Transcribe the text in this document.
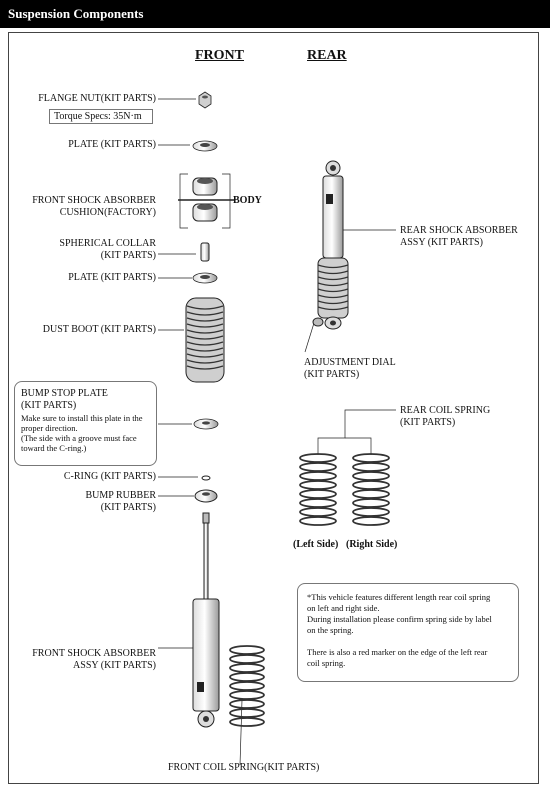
Suspension Components
FRONT	REAR
FLANGE NUT(KIT PARTS)
Torque Specs: 35N·m
PLATE (KIT PARTS)
FRONT SHOCK ABSORBER
CUSHION(FACTORY)
BODY
SPHERICAL COLLAR
(KIT PARTS)
PLATE (KIT PARTS)
DUST BOOT (KIT PARTS)
BUMP STOP PLATE
(KIT PARTS)
Make sure to install this plate in the
proper direction.
(The side with a groove must face
toward the C-ring.)
C-RING (KIT PARTS)
BUMP RUBBER
(KIT PARTS)
FRONT SHOCK ABSORBER
ASSY (KIT PARTS)
FRONT COIL SPRING(KIT PARTS)
REAR SHOCK ABSORBER
ASSY (KIT PARTS)
ADJUSTMENT DIAL
(KIT PARTS)
REAR COIL SPRING
(KIT PARTS)
(Left Side) (Right Side)
*This vehicle features different length rear coil spring
on left and right side.
During installation please confirm spring side by label
on the spring.
There is also a red marker on the edge of the left rear
coil spring.
